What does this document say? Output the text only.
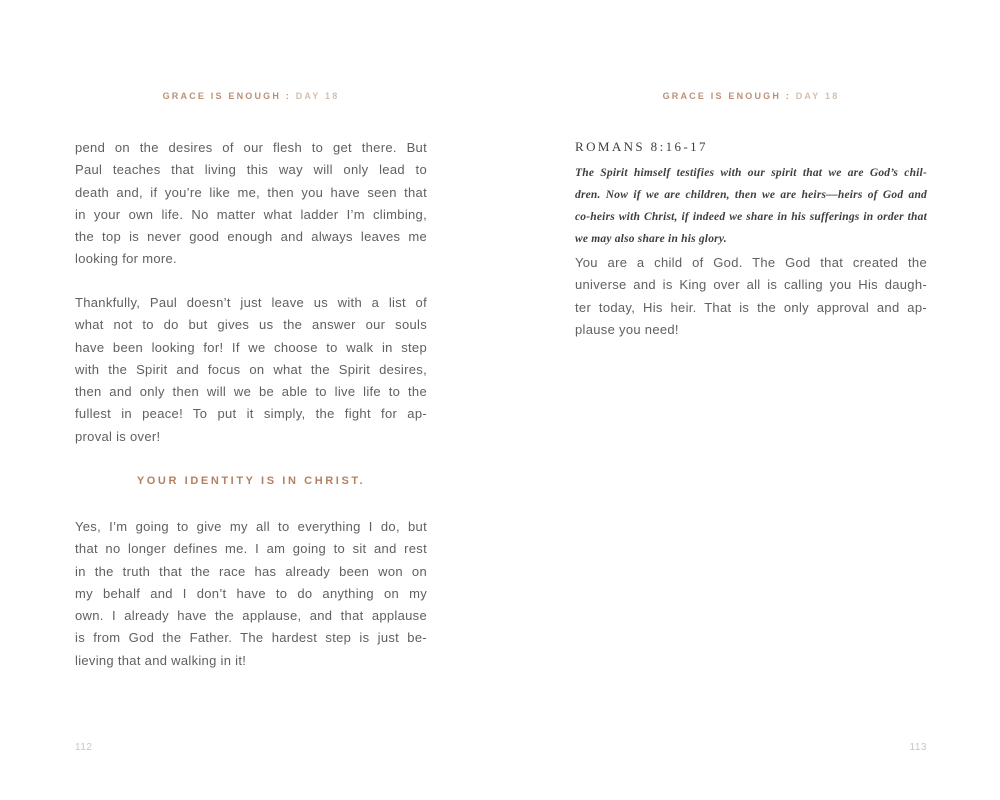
GRACE IS ENOUGH : DAY 18
pend on the desires of our flesh to get there. But
Paul teaches that living this way will only lead to
death and, if you’re like me, then you have seen that
in your own life. No matter what ladder I’m climbing,
the top is never good enough and always leaves me
looking for more.
Thankfully, Paul doesn’t just leave us with a list of
what not to do but gives us the answer our souls
have been looking for! If we choose to walk in step
with the Spirit and focus on what the Spirit desires,
then and only then will we be able to live life to the
fullest in peace! To put it simply, the fight for ap-
proval is over!
YOUR IDENTITY IS IN CHRIST.
Yes, I’m going to give my all to everything I do, but
that no longer defines me. I am going to sit and rest
in the truth that the race has already been won on
my behalf and I don’t have to do anything on my
own. I already have the applause, and that applause
is from God the Father. The hardest step is just be-
lieving that and walking in it!
112
GRACE IS ENOUGH : DAY 18
ROMANS 8:16-17
The Spirit himself testifies with our spirit that we are God’s chil-
dren. Now if we are children, then we are heirs—heirs of God and
co-heirs with Christ, if indeed we share in his sufferings in order that
we may also share in his glory.
You are a child of God. The God that created the
universe and is King over all is calling you His daugh-
ter today, His heir. That is the only approval and ap-
plause you need!
113
